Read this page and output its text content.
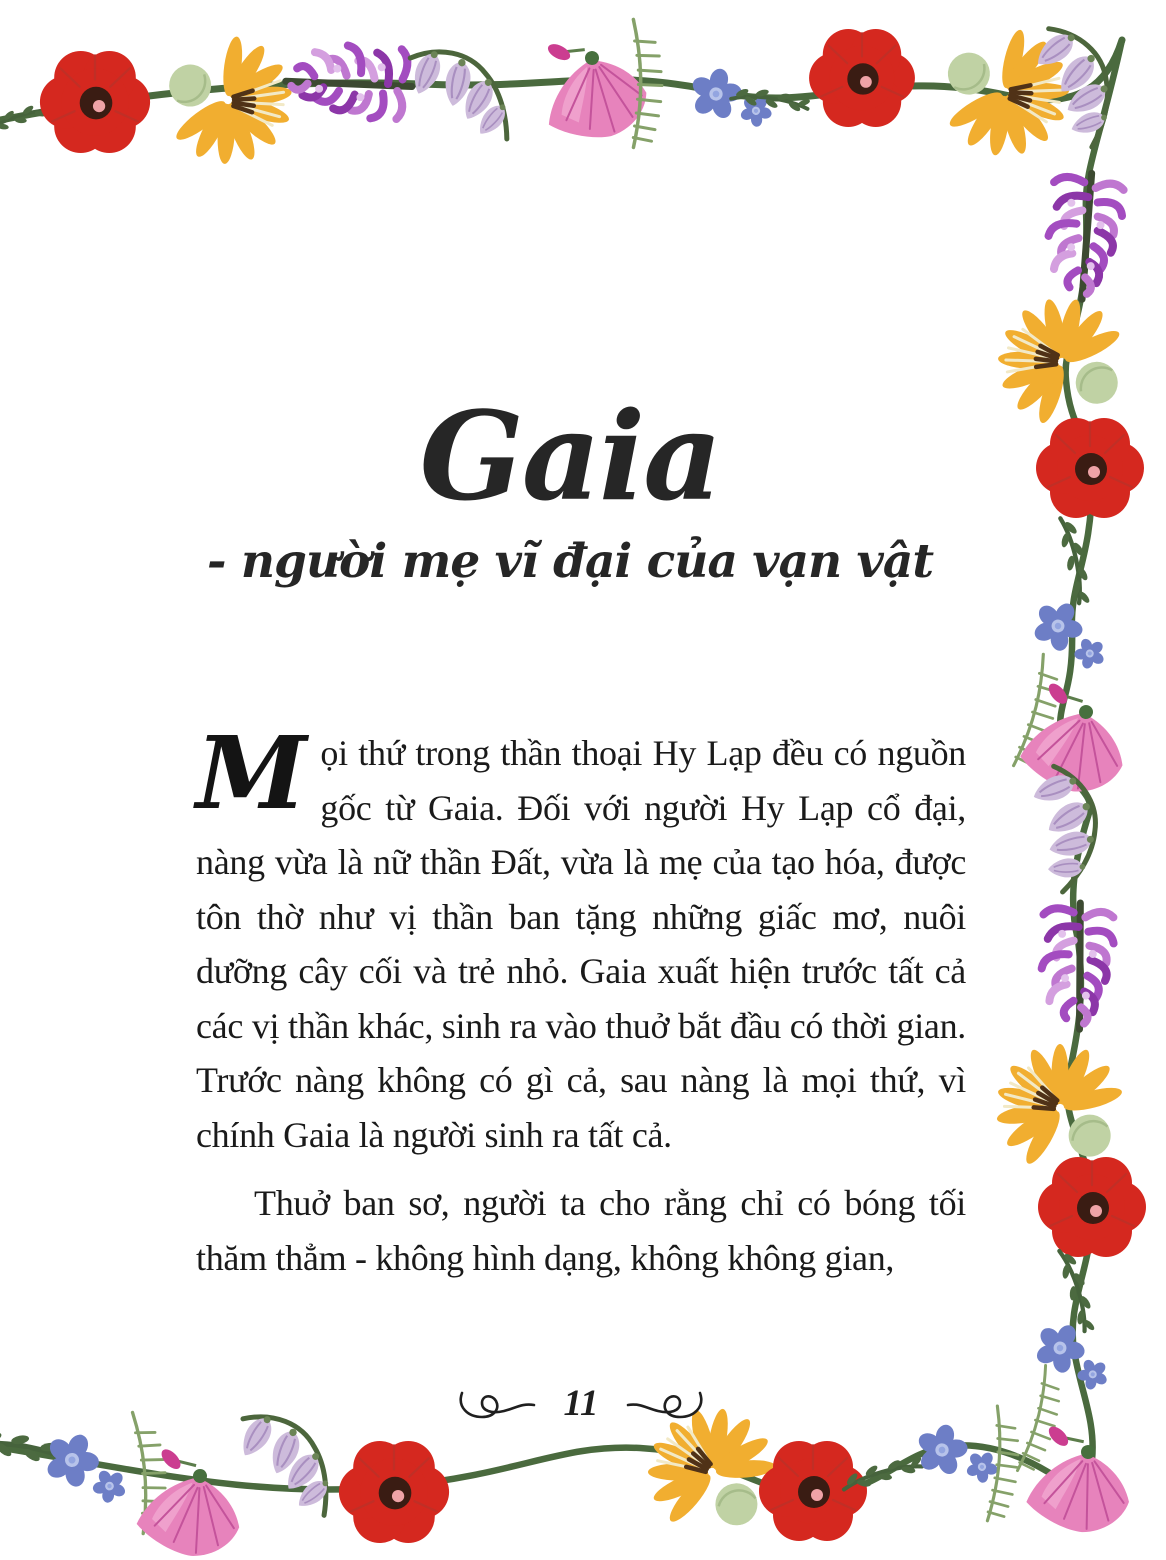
Gaia
- người mẹ vĩ đại của vạn vật

Mọi thứ trong thần thoại Hy Lạp đều có nguồn gốc từ Gaia. Đối với người Hy Lạp cổ đại, nàng vừa là nữ thần Đất, vừa là mẹ của tạo hóa, được tôn thờ như vị thần ban tặng những giấc mơ, nuôi dưỡng cây cối và trẻ nhỏ. Gaia xuất hiện trước tất cả các vị thần khác, sinh ra vào thuở bắt đầu có thời gian. Trước nàng không có gì cả, sau nàng là mọi thứ, vì chính Gaia là người sinh ra tất cả.

Thuở ban sơ, người ta cho rằng chỉ có bóng tối thăm thẳm - không hình dạng, không không gian,

11
